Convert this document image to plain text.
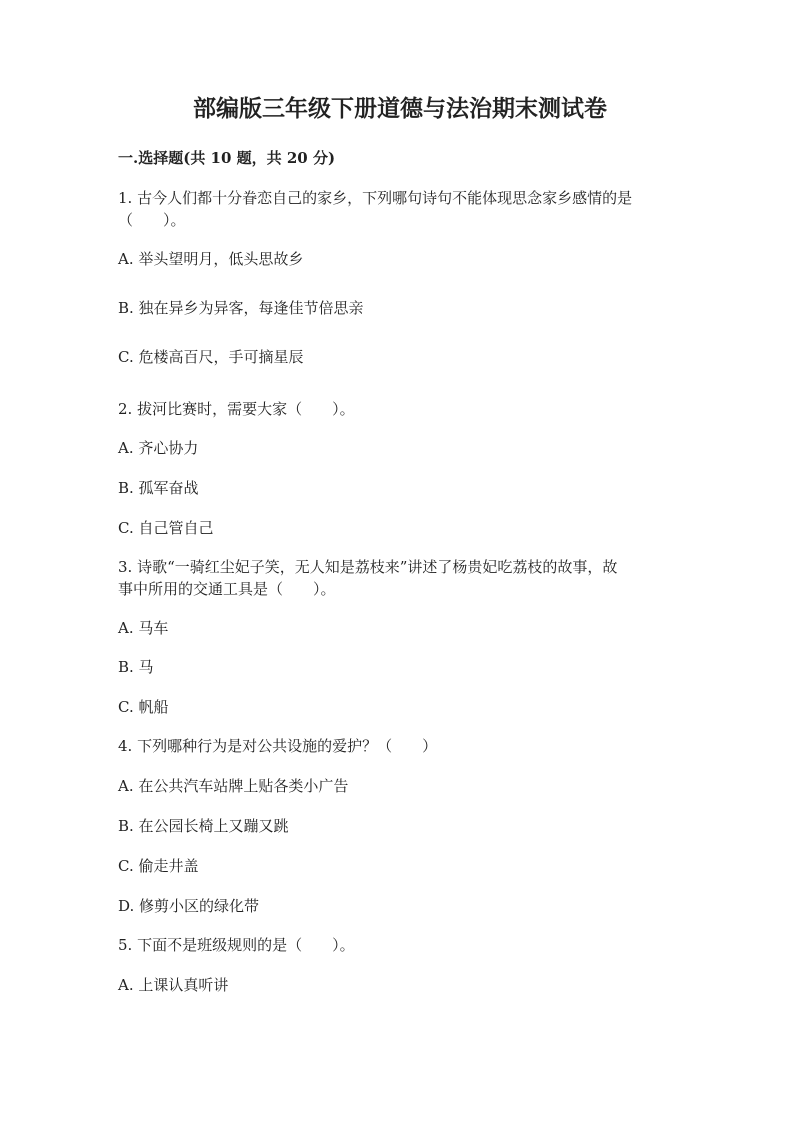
部编版三年级下册道德与法治期末测试卷
一.选择题(共 10 题，共 20 分)
1. 古今人们都十分眷恋自己的家乡，下列哪句诗句不能体现思念家乡感情的是
（　　）。
A. 举头望明月，低头思故乡
B. 独在异乡为异客，每逢佳节倍思亲
C. 危楼高百尺，手可摘星辰
2. 拔河比赛时，需要大家（　　）。
A. 齐心协力
B. 孤军奋战
C. 自己管自己
3. 诗歌“一骑红尘妃子笑，无人知是荔枝来”讲述了杨贵妃吃荔枝的故事，故
事中所用的交通工具是（　　）。
A. 马车
B. 马
C. 帆船
4. 下列哪种行为是对公共设施的爱护？（　　）
A. 在公共汽车站牌上贴各类小广告
B. 在公园长椅上又蹦又跳
C. 偷走井盖
D. 修剪小区的绿化带
5. 下面不是班级规则的是（　　）。
A. 上课认真听讲
